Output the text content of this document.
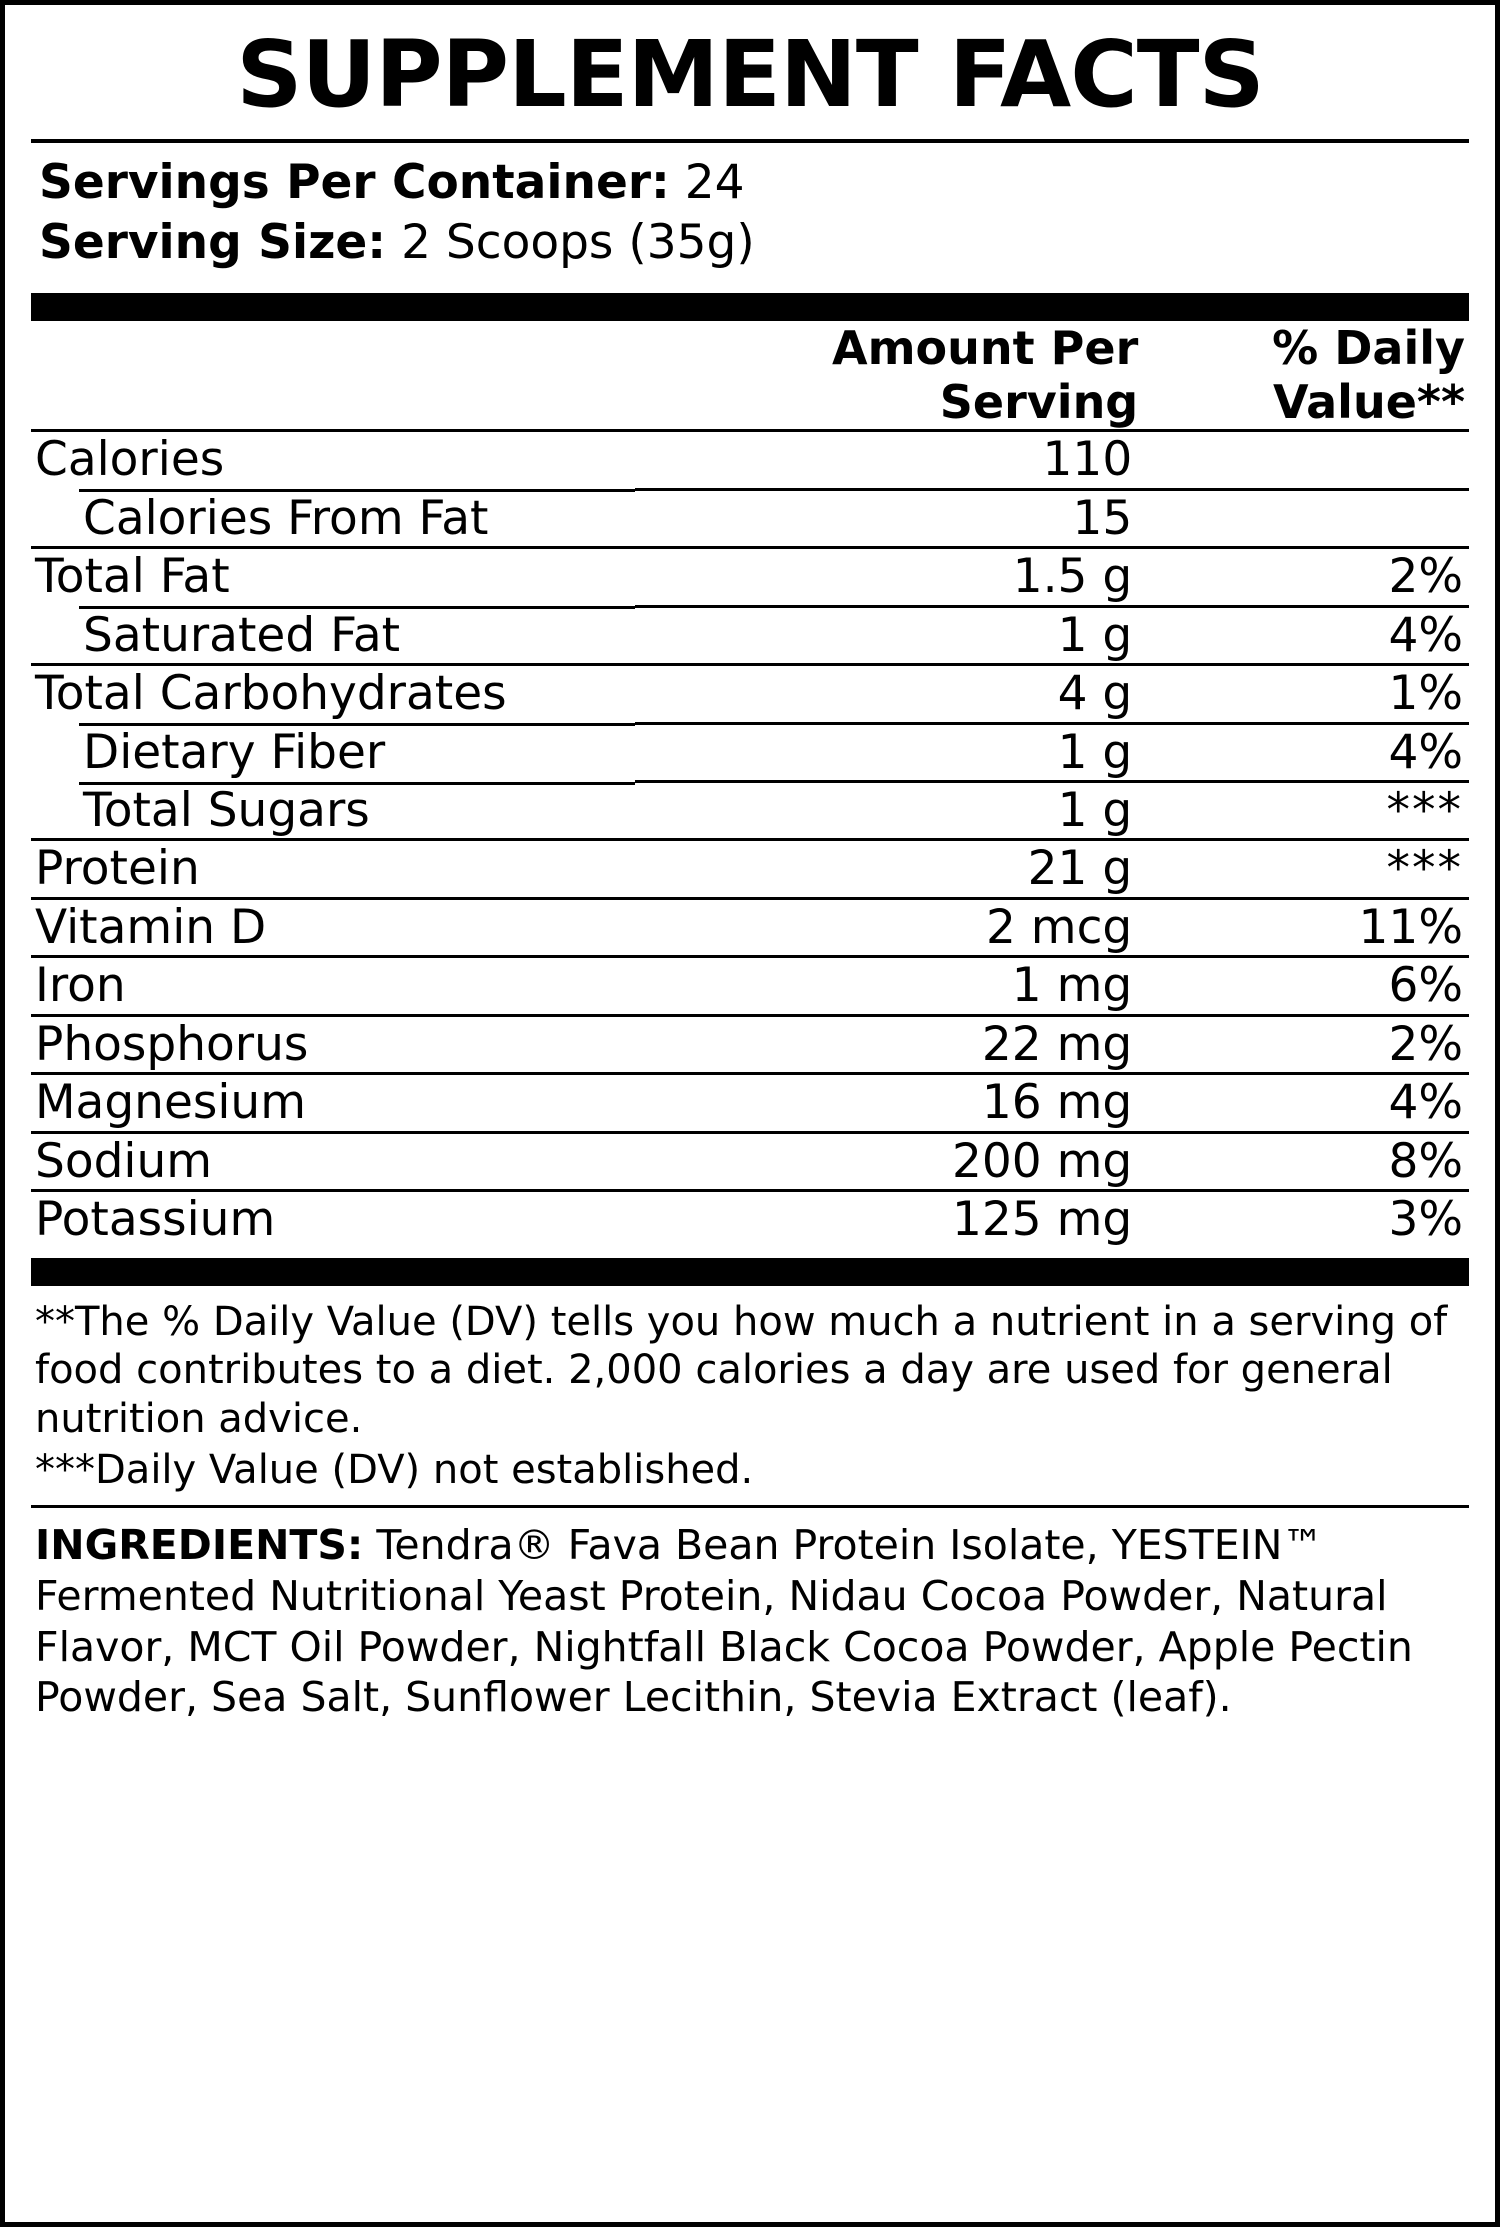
SUPPLEMENT FACTS
Servings Per Container: 24
Serving Size: 2 Scoops (35g)
	Amount Per Serving	% Daily Value**
Calories	110	
Calories From Fat	15	
Total Fat	1.5 g	2%
Saturated Fat	1 g	4%
Total Carbohydrates	4 g	1%
Dietary Fiber	1 g	4%
Total Sugars	1 g	***
Protein	21 g	***
Vitamin D	2 mcg	11%
Iron	1 mg	6%
Phosphorus	22 mg	2%
Magnesium	16 mg	4%
Sodium	200 mg	8%
Potassium	125 mg	3%

**The % Daily Value (DV) tells you how much a nutrient in a serving of food contributes to a diet. 2,000 calories a day are used for general nutrition advice.

***Daily Value (DV) not established.

INGREDIENTS: Tendra® Fava Bean Protein Isolate, YESTEIN™ Fermented Nutritional Yeast Protein, Nidau Cocoa Powder, Natural Flavor, MCT Oil Powder, Nightfall Black Cocoa Powder, Apple Pectin Powder, Sea Salt, Sunflower Lecithin, Stevia Extract (leaf).
